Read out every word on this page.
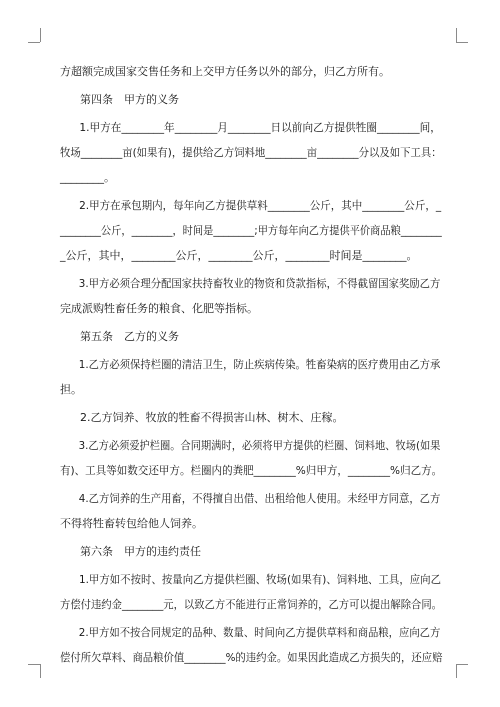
方超额完成国家交售任务和上交甲方任务以外的部分，归乙方所有。
第四条　甲方的义务
1.甲方在________年________月________日以前向乙方提供牲圈________间，
牧场________亩(如果有)，提供给乙方饲料地________亩________分以及如下工具：
________。
2.甲方在承包期内，每年向乙方提供草料________公斤，其中________公斤，_
________公斤，________，时间是________;甲方每年向乙方提供平价商品粮________
_公斤，其中，________公斤，________公斤，________时间是________。
3.甲方必须合理分配国家扶持畜牧业的物资和贷款指标，不得截留国家奖励乙方
完成派购牲畜任务的粮食、化肥等指标。
第五条　乙方的义务
1.乙方必须保持栏圈的清洁卫生，防止疾病传染。牲畜染病的医疗费用由乙方承
担。
2.乙方饲养、牧放的牲畜不得损害山林、树木、庄稼。
3.乙方必须爱护栏圈。合同期满时，必须将甲方提供的栏圈、饲料地、牧场(如果
有)、工具等如数交还甲方。栏圈内的粪肥________%归甲方，________%归乙方。
4.乙方饲养的生产用畜，不得擅自出借、出租给他人使用。未经甲方同意，乙方
不得将牲畜转包给他人饲养。
第六条　甲方的违约责任
1.甲方如不按时、按量向乙方提供栏圈、牧场(如果有)、饲料地、工具，应向乙
方偿付违约金________元，以致乙方不能进行正常饲养的，乙方可以提出解除合同。
2.甲方如不按合同规定的品种、数量、时间向乙方提供草料和商品粮，应向乙方
偿付所欠草料、商品粮价值________%的违约金。如果因此造成乙方损失的，还应赔
